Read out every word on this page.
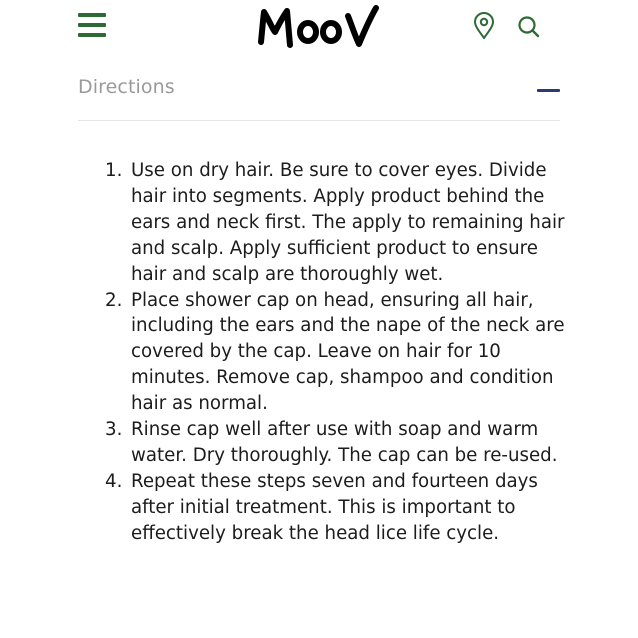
Directions
1. Use on dry hair. Be sure to cover eyes. Divide hair into segments. Apply product behind the ears and neck first. The apply to remaining hair and scalp. Apply sufficient product to ensure hair and scalp are thoroughly wet.
2. Place shower cap on head, ensuring all hair, including the ears and the nape of the neck are covered by the cap. Leave on hair for 10 minutes. Remove cap, shampoo and condition hair as normal.
3. Rinse cap well after use with soap and warm water. Dry thoroughly. The cap can be re-used.
4. Repeat these steps seven and fourteen days after initial treatment. This is important to effectively break the head lice life cycle.
